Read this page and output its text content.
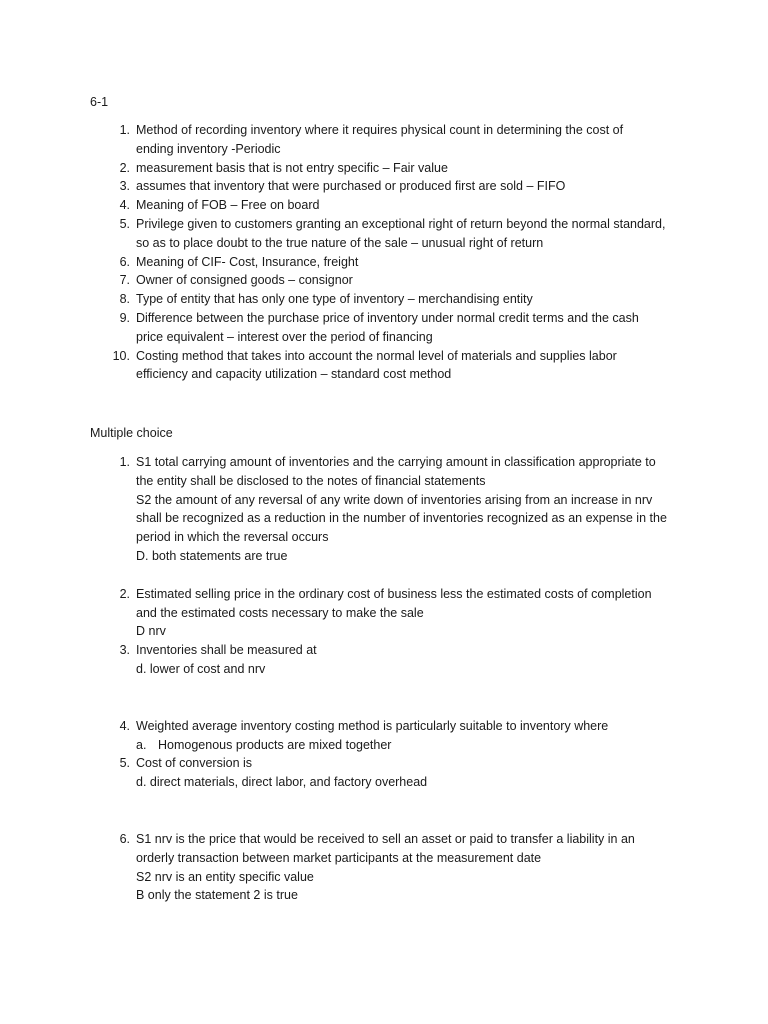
6-1
1. Method of recording inventory where it requires physical count in determining the cost of
ending inventory -Periodic
2. measurement basis that is not entry specific – Fair value
3. assumes that inventory that were purchased or produced first are sold – FIFO
4. Meaning of FOB – Free on board
5. Privilege given to customers granting an exceptional right of return beyond the normal standard,
so as to place doubt to the true nature of the sale – unusual right of return
6. Meaning of CIF- Cost, Insurance, freight
7. Owner of consigned goods – consignor
8. Type of entity that has only one type of inventory – merchandising entity
9. Difference between the purchase price of inventory under normal credit terms and the cash
price equivalent – interest over the period of financing
10. Costing method that takes into account the normal level of materials and supplies labor
efficiency and capacity utilization – standard cost method
Multiple choice
1. S1 total carrying amount of inventories and the carrying amount in classification appropriate to
the entity shall be disclosed to the notes of financial statements
S2 the amount of any reversal of any write down of inventories arising from an increase in nrv
shall be recognized as a reduction in the number of inventories recognized as an expense in the
period in which the reversal occurs
D. both statements are true
2. Estimated selling price in the ordinary cost of business less the estimated costs of completion
and the estimated costs necessary to make the sale
D nrv
3. Inventories shall be measured at
d. lower of cost and nrv
4. Weighted average inventory costing method is particularly suitable to inventory where
a. Homogenous products are mixed together
5. Cost of conversion is
d. direct materials, direct labor, and factory overhead
6. S1 nrv is the price that would be received to sell an asset or paid to transfer a liability in an
orderly transaction between market participants at the measurement date
S2 nrv is an entity specific value
B only the statement 2 is true
